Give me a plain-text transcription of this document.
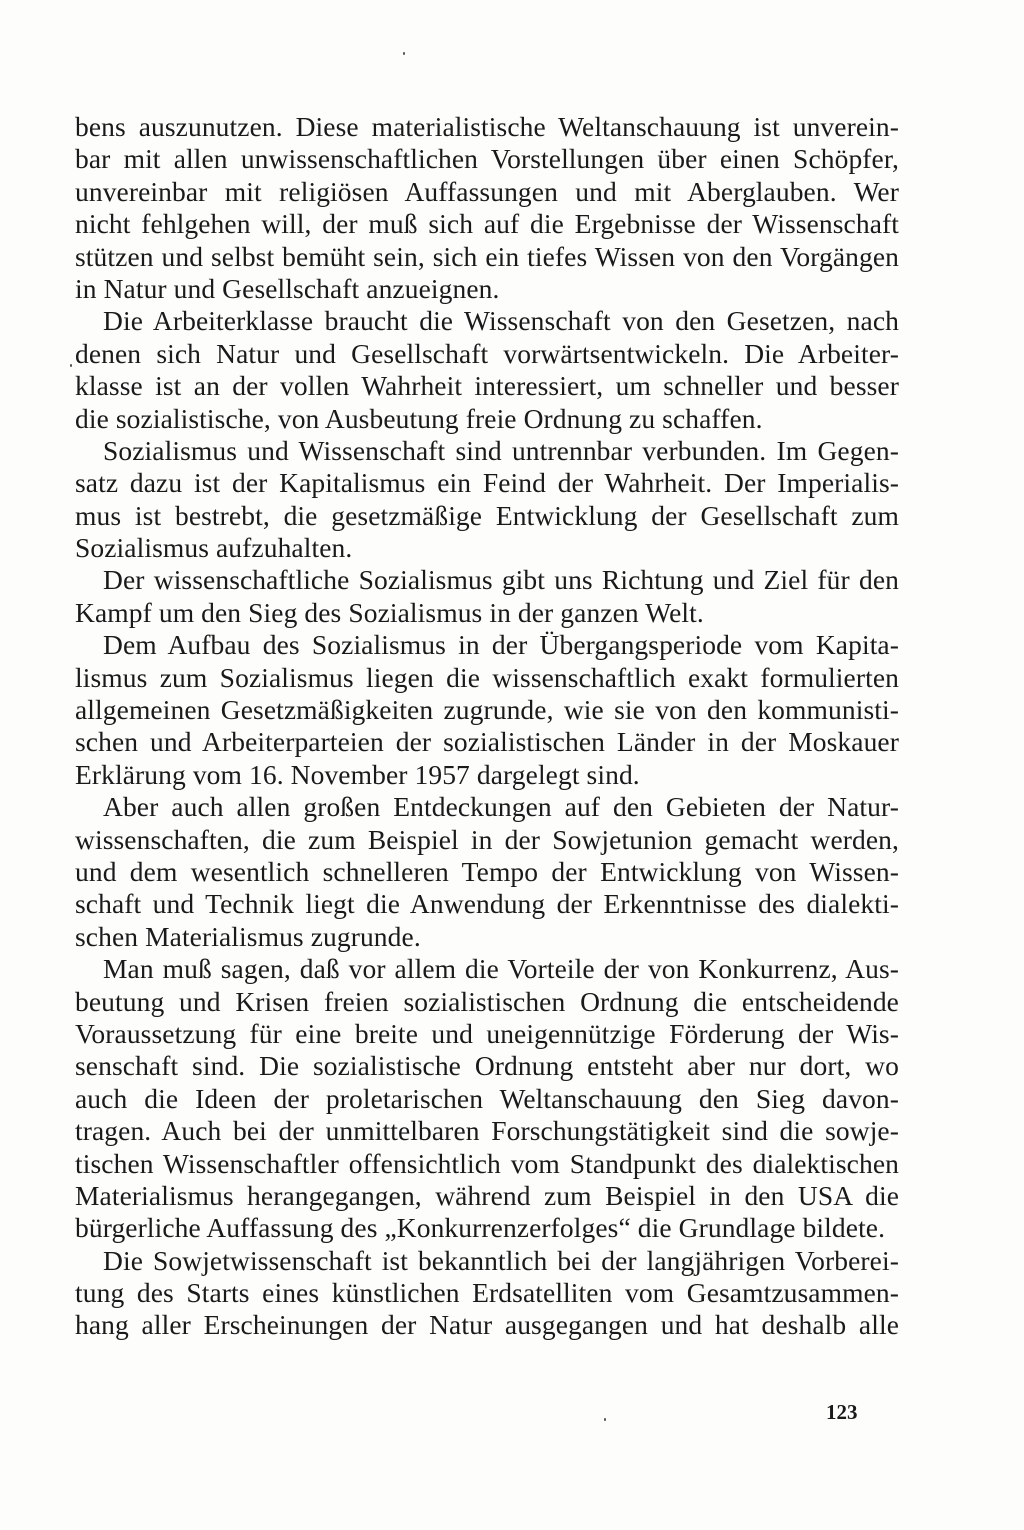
bens auszunutzen. Diese materialistische Weltanschauung ist unverein-
bar mit allen unwissenschaftlichen Vorstellungen über einen Schöpfer,
unvereinbar mit religiösen Auffassungen und mit Aberglauben. Wer
nicht fehlgehen will, der muß sich auf die Ergebnisse der Wissenschaft
stützen und selbst bemüht sein, sich ein tiefes Wissen von den Vorgängen
in Natur und Gesellschaft anzueignen.
Die Arbeiterklasse braucht die Wissenschaft von den Gesetzen, nach
denen sich Natur und Gesellschaft vorwärtsentwickeln. Die Arbeiter-
klasse ist an der vollen Wahrheit interessiert, um schneller und besser
die sozialistische, von Ausbeutung freie Ordnung zu schaffen.
Sozialismus und Wissenschaft sind untrennbar verbunden. Im Gegen-
satz dazu ist der Kapitalismus ein Feind der Wahrheit. Der Imperialis-
mus ist bestrebt, die gesetzmäßige Entwicklung der Gesellschaft zum
Sozialismus aufzuhalten.
Der wissenschaftliche Sozialismus gibt uns Richtung und Ziel für den
Kampf um den Sieg des Sozialismus in der ganzen Welt.
Dem Aufbau des Sozialismus in der Übergangsperiode vom Kapita-
lismus zum Sozialismus liegen die wissenschaftlich exakt formulierten
allgemeinen Gesetzmäßigkeiten zugrunde, wie sie von den kommunisti-
schen und Arbeiterparteien der sozialistischen Länder in der Moskauer
Erklärung vom 16. November 1957 dargelegt sind.
Aber auch allen großen Entdeckungen auf den Gebieten der Natur-
wissenschaften, die zum Beispiel in der Sowjetunion gemacht werden,
und dem wesentlich schnelleren Tempo der Entwicklung von Wissen-
schaft und Technik liegt die Anwendung der Erkenntnisse des dialekti-
schen Materialismus zugrunde.
Man muß sagen, daß vor allem die Vorteile der von Konkurrenz, Aus-
beutung und Krisen freien sozialistischen Ordnung die entscheidende
Voraussetzung für eine breite und uneigennützige Förderung der Wis-
senschaft sind. Die sozialistische Ordnung entsteht aber nur dort, wo
auch die Ideen der proletarischen Weltanschauung den Sieg davon-
tragen. Auch bei der unmittelbaren Forschungstätigkeit sind die sowje-
tischen Wissenschaftler offensichtlich vom Standpunkt des dialektischen
Materialismus herangegangen, während zum Beispiel in den USA die
bürgerliche Auffassung des „Konkurrenzerfolges“ die Grundlage bildete.
Die Sowjetwissenschaft ist bekanntlich bei der langjährigen Vorberei-
tung des Starts eines künstlichen Erdsatelliten vom Gesamtzusammen-
hang aller Erscheinungen der Natur ausgegangen und hat deshalb alle
123
